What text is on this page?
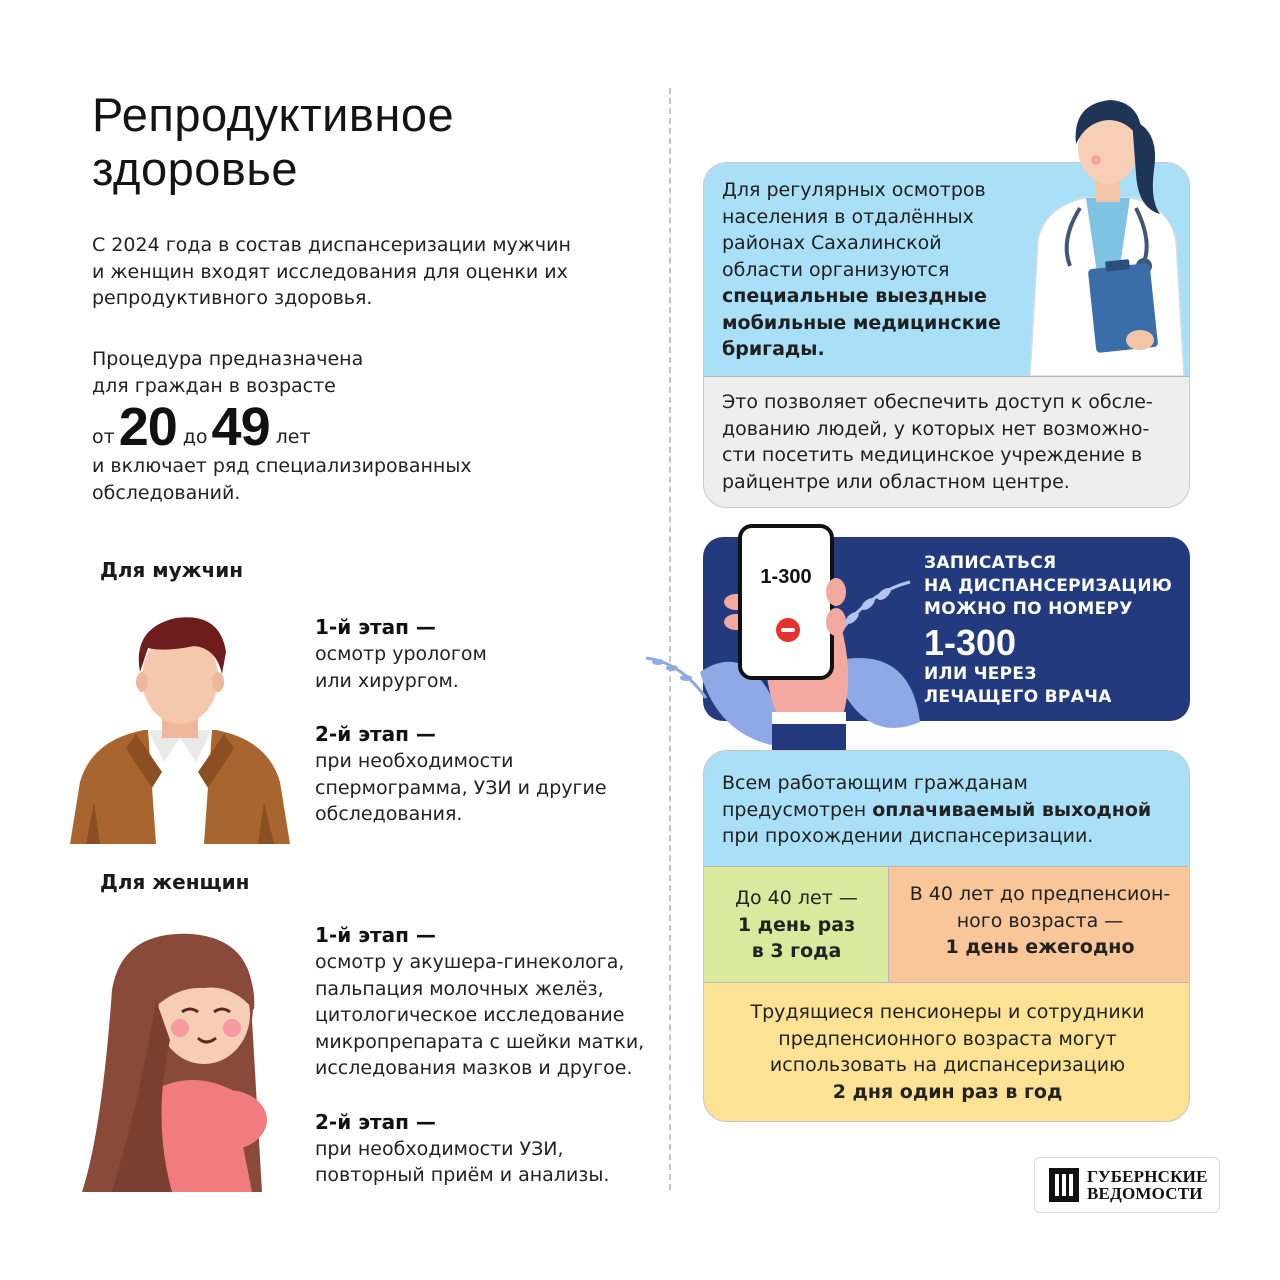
Репродуктивное
здоровье
С 2024 года в состав диспансеризации мужчин
и женщин входят исследования для оценки их
репродуктивного здоровья.
Процедура предназначена
для граждан в возрасте
от 20 до 49 лет
и включает ряд специализированных
обследований.
Для мужчин
1-й этап —
осмотр урологом
или хирургом.
2-й этап —
при необходимости
спермограмма, УЗИ и другие
обследования.
Для женщин
1-й этап —
осмотр у акушера-гинеколога,
пальпация молочных желёз,
цитологическое исследование
микропрепарата с шейки матки,
исследования мазков и другое.
2-й этап —
при необходимости УЗИ,
повторный приём и анализы.
Для регулярных осмотров
населения в отдалённых
районах Сахалинской
области организуются
специальные выездные
мобильные медицинские
бригады.
Это позволяет обеспечить доступ к обсле-
дованию людей, у которых нет возможно-
сти посетить медицинское учреждение в
райцентре или областном центре.
ЗАПИСАТЬСЯ
НА ДИСПАНСЕРИЗАЦИЮ
МОЖНО ПО НОМЕРУ
1-300
ИЛИ ЧЕРЕЗ
ЛЕЧАЩЕГО ВРАЧА
1-300
Всем работающим гражданам
предусмотрен оплачиваемый выходной
при прохождении диспансеризации.
До 40 лет —
1 день раз
в 3 года
В 40 лет до предпенсион-
ного возраста —
1 день ежегодно
Трудящиеся пенсионеры и сотрудники
предпенсионного возраста могут
использовать на диспансеризацию
2 дня один раз в год
ГУБЕРНСКИЕ
ВЕДОМОСТИ
